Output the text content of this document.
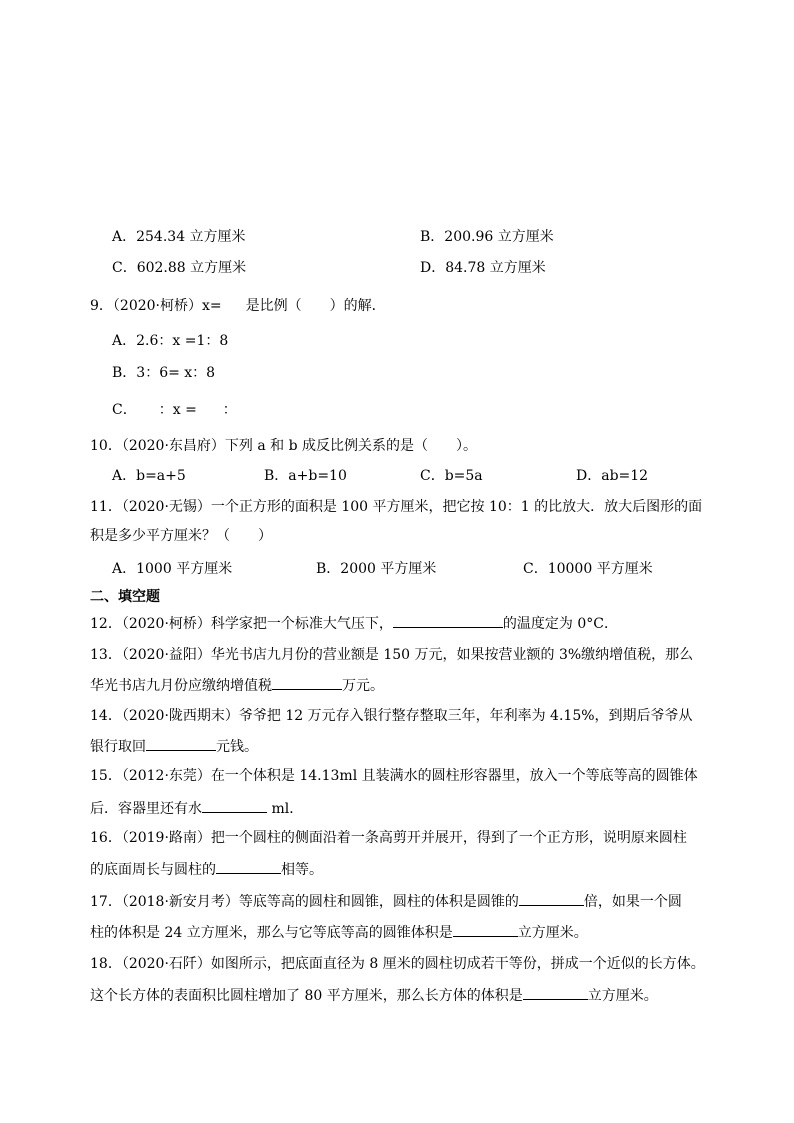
A．254.34 立方厘米	B．200.96 立方厘米
C．602.88 立方厘米	D．84.78 立方厘米
9．（2020·柯桥）x= 是比例（　　）的解．
A．2.6：x =1：8
B．3：6= x：8
C． ：x = ：
10．（2020·东昌府）下列 a 和 b 成反比例关系的是（　　）。
A．b=a+5	B．a+b=10	C．b=5a	D．ab=12
11．（2020·无锡）一个正方形的面积是 100 平方厘米，把它按 10：1 的比放大．放大后图形的面
积是多少平方厘米？（　　）
A．1000 平方厘米	B．2000 平方厘米	C．10000 平方厘米
二、填空题
12．（2020·柯桥）科学家把一个标准大气压下，	的温度定为 0°C．
13．（2020·益阳）华光书店九月份的营业额是 150 万元，如果按营业额的 3%缴纳增值税，那么
华光书店九月份应缴纳增值税	万元。
14．（2020·陇西期末）爷爷把 12 万元存入银行整存整取三年，年利率为 4.15%，到期后爷爷从
银行取回	元钱。
15．（2012·东莞）在一个体积是 14.13ml 且装满水的圆柱形容器里，放入一个等底等高的圆锥体
后．容器里还有水	ml．
16．（2019·路南）把一个圆柱的侧面沿着一条高剪开并展开，得到了一个正方形，说明原来圆柱
的底面周长与圆柱的	相等。
17．（2018·新安月考）等底等高的圆柱和圆锥，圆柱的体积是圆锥的	倍，如果一个圆
柱的体积是 24 立方厘米，那么与它等底等高的圆锥体积是	立方厘米。
18．（2020·石阡）如图所示，把底面直径为 8 厘米的圆柱切成若干等份，拼成一个近似的长方体。
这个长方体的表面积比圆柱增加了 80 平方厘米，那么长方体的体积是	立方厘米。
